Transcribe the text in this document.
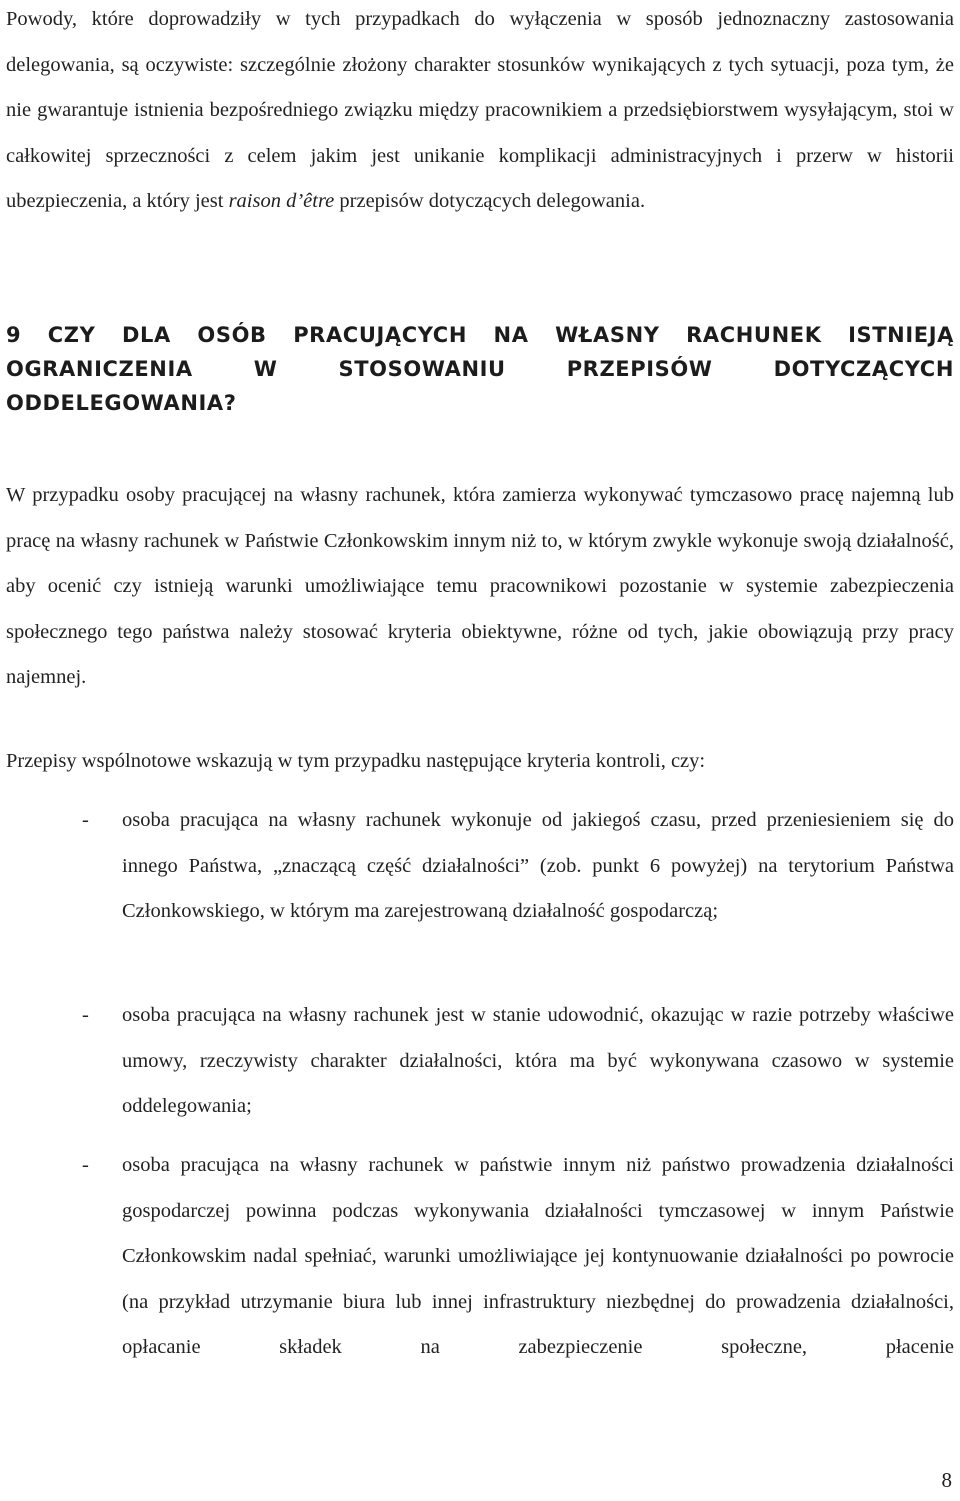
Powody, które doprowadziły w tych przypadkach do wyłączenia w sposób jednoznaczny zastosowania delegowania, są oczywiste: szczególnie złożony charakter stosunków wynikających z tych sytuacji, poza tym, że nie gwarantuje istnienia bezpośredniego związku między pracownikiem a przedsiębiorstwem wysyłającym, stoi w całkowitej sprzeczności z celem jakim jest unikanie komplikacji administracyjnych i przerw w historii ubezpieczenia, a który jest raison d’être przepisów dotyczących delegowania.

9 CZY DLA OSÓB PRACUJĄCYCH NA WŁASNY RACHUNEK ISTNIEJĄ OGRANICZENIA W STOSOWANIU PRZEPISÓW DOTYCZĄCYCH ODDELEGOWANIA?

W przypadku osoby pracującej na własny rachunek, która zamierza wykonywać tymczasowo pracę najemną lub pracę na własny rachunek w Państwie Członkowskim innym niż to, w którym zwykle wykonuje swoją działalność, aby ocenić czy istnieją warunki umożliwiające temu pracownikowi pozostanie w systemie zabezpieczenia społecznego tego państwa należy stosować kryteria obiektywne, różne od tych, jakie obowiązują przy pracy najemnej.

Przepisy wspólnotowe wskazują w tym przypadku następujące kryteria kontroli, czy:

- osoba pracująca na własny rachunek wykonuje od jakiegoś czasu, przed przeniesieniem się do innego Państwa, „znaczącą część działalności” (zob. punkt 6 powyżej) na terytorium Państwa Członkowskiego, w którym ma zarejestrowaną działalność gospodarczą;

- osoba pracująca na własny rachunek jest w stanie udowodnić, okazując w razie potrzeby właściwe umowy, rzeczywisty charakter działalności, która ma być wykonywana czasowo w systemie oddelegowania;

- osoba pracująca na własny rachunek w państwie innym niż państwo prowadzenia działalności gospodarczej powinna podczas wykonywania działalności tymczasowej w innym Państwie Członkowskim nadal spełniać, warunki umożliwiające jej kontynuowanie działalności po powrocie (na przykład utrzymanie biura lub innej infrastruktury niezbędnej do prowadzenia działalności, opłacanie składek na zabezpieczenie społeczne, płacenie

8
